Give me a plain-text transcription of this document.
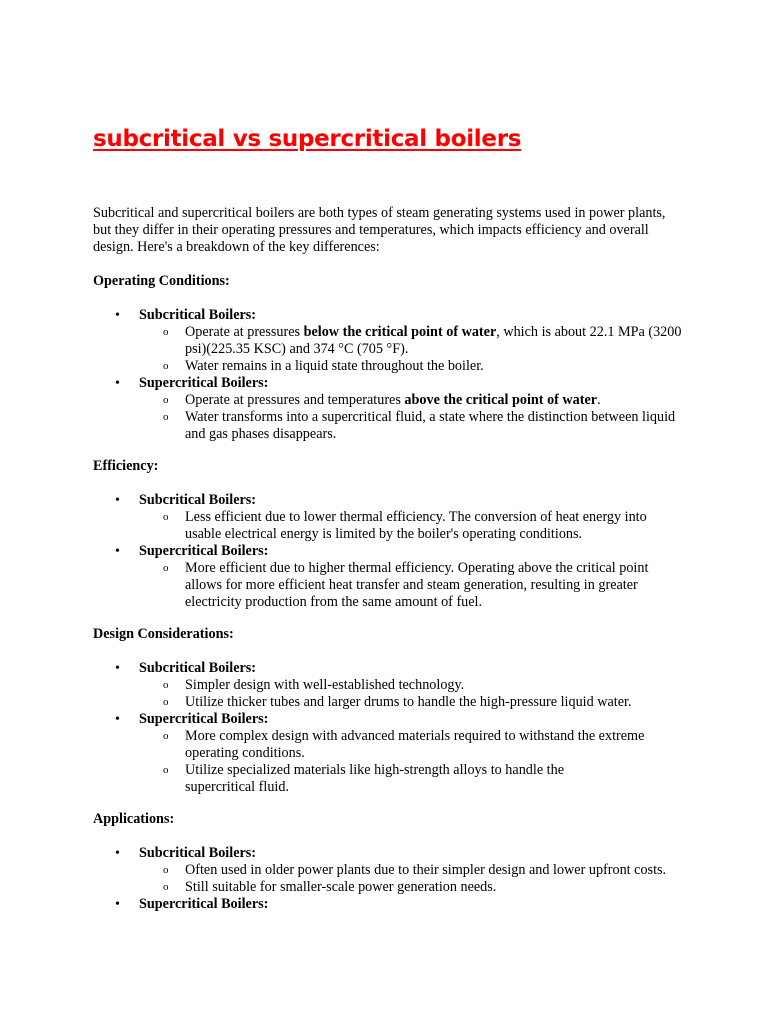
subcritical vs supercritical boilers

Subcritical and supercritical boilers are both types of steam generating systems used in power plants, but they differ in their operating pressures and temperatures, which impacts efficiency and overall design. Here's a breakdown of the key differences:

Operating Conditions:

• Subcritical Boilers:
o Operate at pressures below the critical point of water, which is about 22.1 MPa (3200 psi)(225.35 KSC) and 374 °C (705 °F).
o Water remains in a liquid state throughout the boiler.
• Supercritical Boilers:
o Operate at pressures and temperatures above the critical point of water.
o Water transforms into a supercritical fluid, a state where the distinction between liquid and gas phases disappears.

Efficiency:

• Subcritical Boilers:
o Less efficient due to lower thermal efficiency. The conversion of heat energy into usable electrical energy is limited by the boiler's operating conditions.
• Supercritical Boilers:
o More efficient due to higher thermal efficiency. Operating above the critical point allows for more efficient heat transfer and steam generation, resulting in greater electricity production from the same amount of fuel.

Design Considerations:

• Subcritical Boilers:
o Simpler design with well-established technology.
o Utilize thicker tubes and larger drums to handle the high-pressure liquid water.
• Supercritical Boilers:
o More complex design with advanced materials required to withstand the extreme operating conditions.
o Utilize specialized materials like high-strength alloys to handle the supercritical fluid.

Applications:

• Subcritical Boilers:
o Often used in older power plants due to their simpler design and lower upfront costs.
o Still suitable for smaller-scale power generation needs.
• Supercritical Boilers:
